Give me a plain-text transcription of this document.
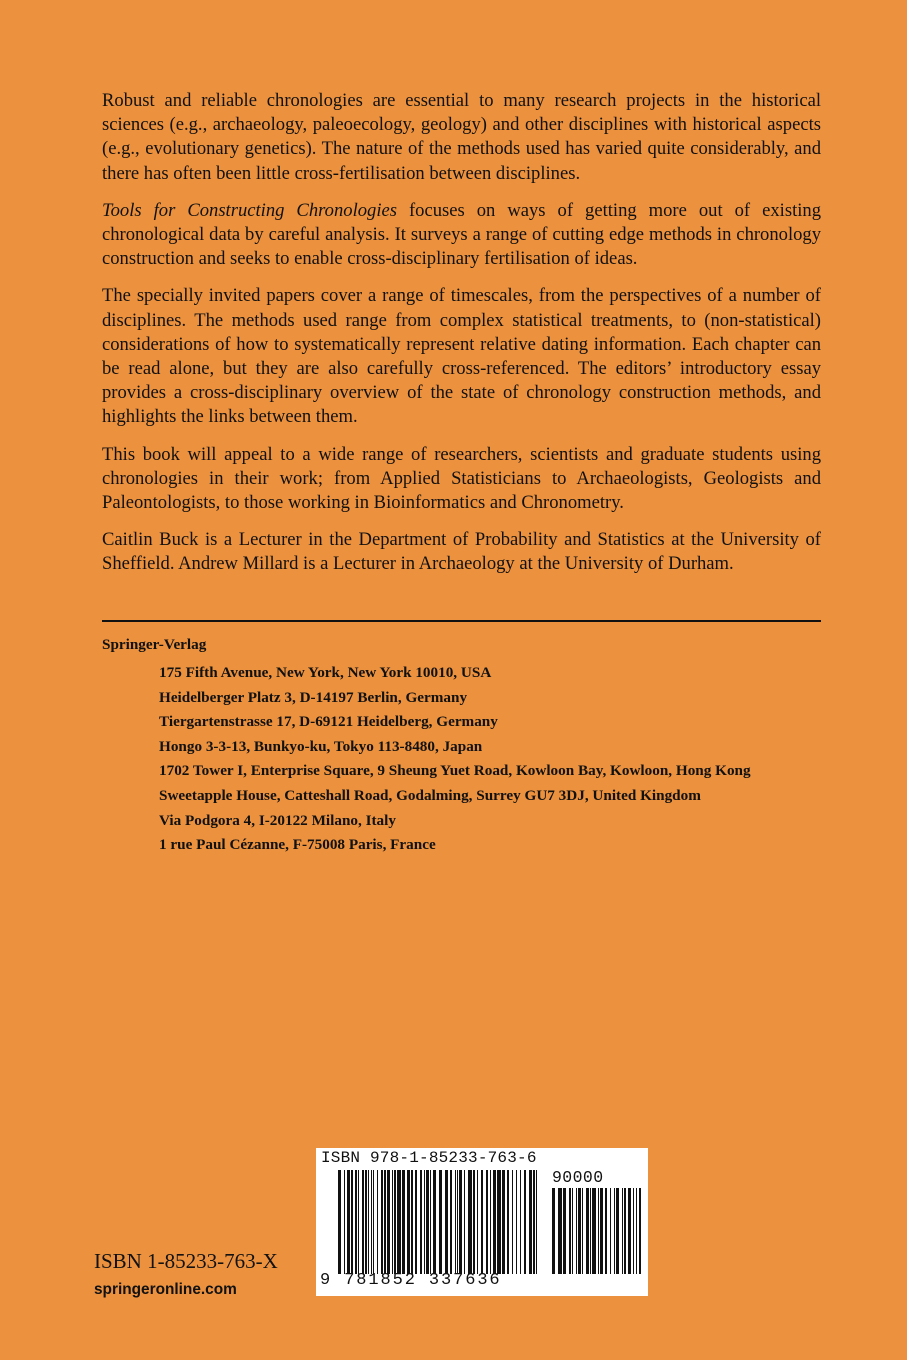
Robust and reliable chronologies are essential to many research projects in the historical sciences (e.g., archaeology, paleoecology, geology) and other disciplines with historical aspects (e.g., evolutionary genetics). The nature of the methods used has varied quite considerably, and there has often been little cross-fertilisation between disciplines.

Tools for Constructing Chronologies focuses on ways of getting more out of existing chronological data by careful analysis. It surveys a range of cutting edge methods in chronology construction and seeks to enable cross-disciplinary fertilisation of ideas.

The specially invited papers cover a range of timescales, from the perspectives of a number of disciplines. The methods used range from complex statistical treatments, to (non-statistical) considerations of how to systematically represent relative dating information. Each chapter can be read alone, but they are also carefully cross-referenced. The editors’ introductory essay provides a cross-disciplinary overview of the state of chronology construction methods, and highlights the links between them.

This book will appeal to a wide range of researchers, scientists and graduate students using chronologies in their work; from Applied Statisticians to Archaeologists, Geologists and Paleontologists, to those working in Bioinformatics and Chronometry.

Caitlin Buck is a Lecturer in the Department of Probability and Statistics at the University of Sheffield. Andrew Millard is a Lecturer in Archaeology at the University of Durham.

Springer-Verlag
175 Fifth Avenue, New York, New York 10010, USA
Heidelberger Platz 3, D-14197 Berlin, Germany
Tiergartenstrasse 17, D-69121 Heidelberg, Germany
Hongo 3-3-13, Bunkyo-ku, Tokyo 113-8480, Japan
1702 Tower I, Enterprise Square, 9 Sheung Yuet Road, Kowloon Bay, Kowloon, Hong Kong
Sweetapple House, Catteshall Road, Godalming, Surrey GU7 3DJ, United Kingdom
Via Podgora 4, I-20122 Milano, Italy
1 rue Paul Cézanne, F-75008 Paris, France
ISBN 1-85233-763-X
springeronline.com
ISBN 978-1-85233-763-6
90000
9 781852 337636
